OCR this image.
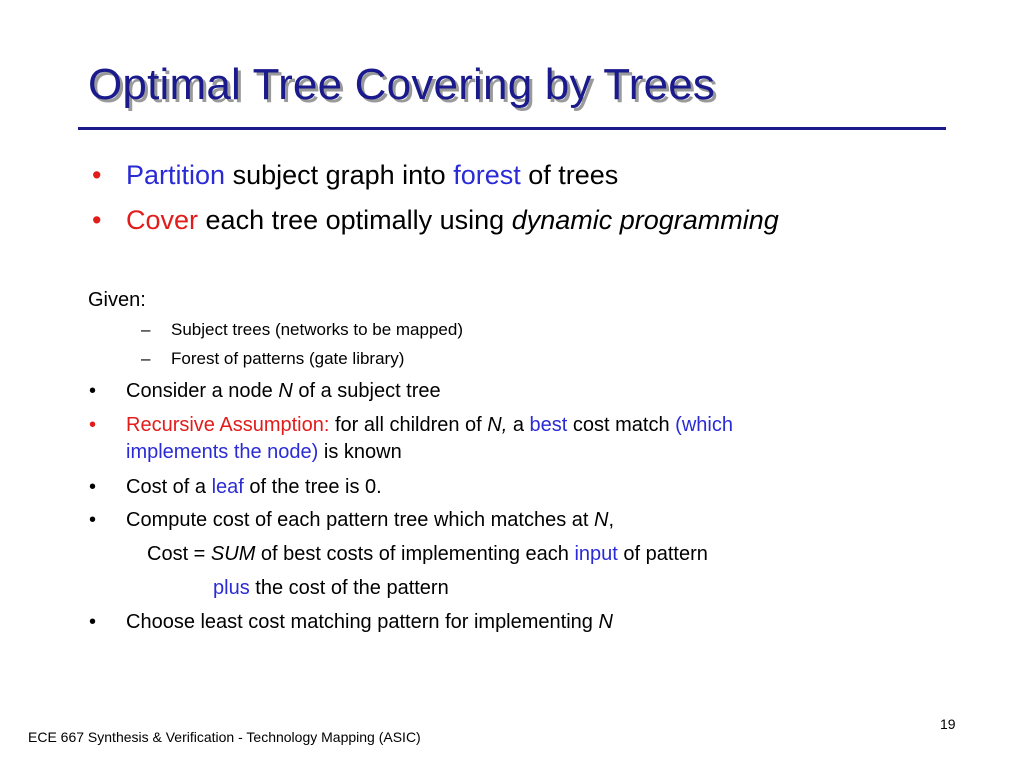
Optimal Tree Covering by Trees
• Partition subject graph into forest of trees
• Cover each tree optimally using dynamic programming
Given:
– Subject trees (networks to be mapped)
– Forest of patterns (gate library)
• Consider a node N of a subject tree
• Recursive Assumption: for all children of N, a best cost match (which
implements the node) is known
• Cost of a leaf of the tree is 0.
• Compute cost of each pattern tree which matches at N,
Cost = SUM of best costs of implementing each input of pattern
plus the cost of the pattern
• Choose least cost matching pattern for implementing N
19
ECE 667 Synthesis & Verification - Technology Mapping (ASIC)
